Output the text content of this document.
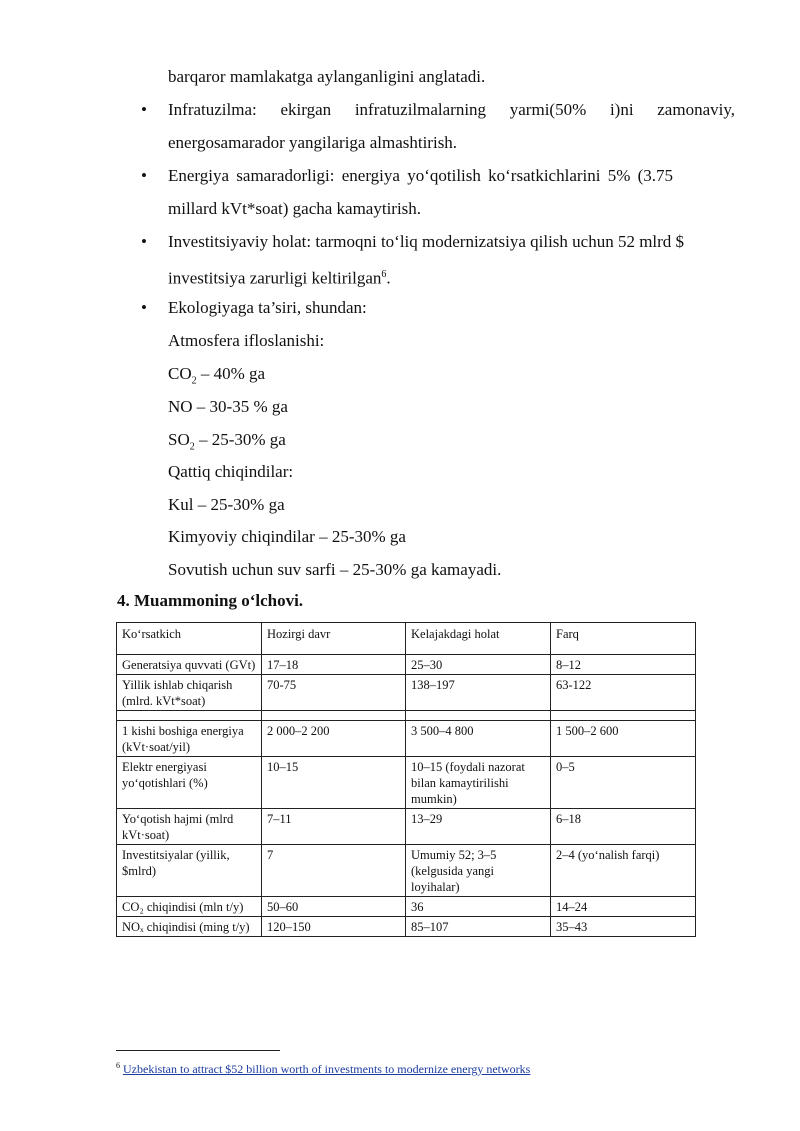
barqaror mamlakatga aylanganligini anglatadi.
• Infratuzilma: ekirgan infratuzilmalarning yarmi(50% i)ni zamonaviy,
energosamarador yangilariga almashtirish.
• Energiya samaradorligi: energiya yo‘qotilish ko‘rsatkichlarini 5% (3.75
millard kVt*soat) gacha kamaytirish.
• Investitsiyaviy holat: tarmoqni to‘liq modernizatsiya qilish uchun 52 mlrd $
investitsiya zarurligi keltirilgan$^6$.
• Ekologiyaga ta’siri, shundan:
Atmosfera ifloslanishi:
$CO_2 - 40\%$ ga
NO – 30-35 % ga
$SO_2 - 25-30\%$ ga
Qattiq chiqindilar:
Kul – 25-30% ga
Kimyoviy chiqindilar – 25-30% ga
Sovutish uchun suv sarfi – 25-30% ga kamayadi.
4. Muammoning o‘lchovi.
Ko‘rsatkich	Hozirgi davr	Kelajakdagi holat	Farq
Generatsiya quvvati (GVt)	17–18	25–30	8–12
Yillik ishlab chiqarish (mlrd. kVt*soat)	70-75	138–197	63-122

1 kishi boshiga energiya (kVt·soat/yil)	2 000–2 200	3 500–4 800	1 500–2 600
Elektr energiyasi yo‘qotishlari (%)	10–15	10–15 (foydali nazorat bilan kamaytirilishi mumkin)	0–5
Yo‘qotish hajmi (mlrd kVt·soat)	7–11	13–29	6–18
Investitsiyalar (yillik, $mlrd)	7	Umumiy 52; 3–5 (kelgusida yangi loyihalar)	2–4 (yo‘nalish farqi)
CO₂ chiqindisi (mln t/y)	50–60	36	14–24
NOₓ chiqindisi (ming t/y)	120–150	85–107	35–43
$^6$ Uzbekistan to attract $52 billion worth of investments to modernize energy networks
